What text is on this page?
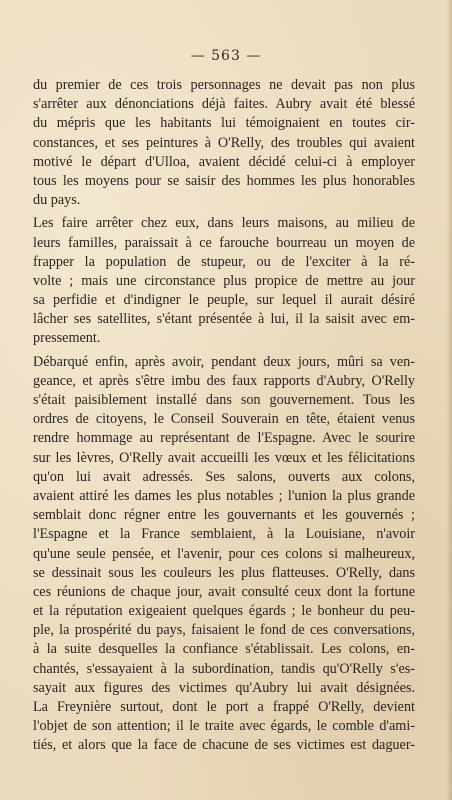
— 563 —
du premier de ces trois personnages ne devait pas non plus
s'arrêter aux dénonciations déjà faites. Aubry avait été blessé
du mépris que les habitants lui témoignaient en toutes cir-
constances, et ses peintures à O'Relly, des troubles qui avaient
motivé le départ d'Ulloa, avaient décidé celui-ci à employer
tous les moyens pour se saisir des hommes les plus honorables
du pays.
Les faire arrêter chez eux, dans leurs maisons, au milieu de
leurs familles, paraissait à ce farouche bourreau un moyen de
frapper la population de stupeur, ou de l'exciter à la ré-
volte ; mais une circonstance plus propice de mettre au jour
sa perfidie et d'indigner le peuple, sur lequel il aurait désiré
lâcher ses satellites, s'étant présentée à lui, il la saisit avec em-
pressement.
Débarqué enfin, après avoir, pendant deux jours, mûri sa ven-
geance, et après s'être imbu des faux rapports d'Aubry, O'Relly
s'était paisiblement installé dans son gouvernement. Tous les
ordres de citoyens, le Conseil Souverain en tête, étaient venus
rendre hommage au représentant de l'Espagne. Avec le sourire
sur les lèvres, O'Relly avait accueilli les vœux et les félicitations
qu'on lui avait adressés. Ses salons, ouverts aux colons,
avaient attiré les dames les plus notables ; l'union la plus grande
semblait donc régner entre les gouvernants et les gouvernés ;
l'Espagne et la France semblaient, à la Louisiane, n'avoir
qu'une seule pensée, et l'avenir, pour ces colons si malheureux,
se dessinait sous les couleurs les plus flatteuses. O'Relly, dans
ces réunions de chaque jour, avait consulté ceux dont la fortune
et la réputation exigeaient quelques égards ; le bonheur du peu-
ple, la prospérité du pays, faisaient le fond de ces conversations,
à la suite desquelles la confiance s'établissait. Les colons, en-
chantés, s'essayaient à la subordination, tandis qu'O'Relly s'es-
sayait aux figures des victimes qu'Aubry lui avait désignées.
La Freynière surtout, dont le port a frappé O'Relly, devient
l'objet de son attention; il le traite avec égards, le comble d'ami-
tiés, et alors que la face de chacune de ses victimes est daguer-
